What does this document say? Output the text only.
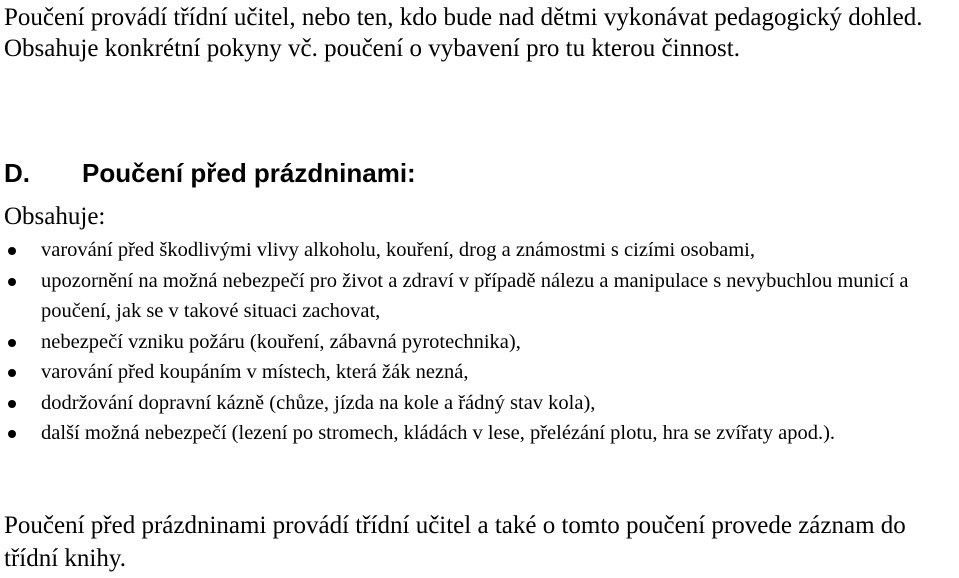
Poučení provádí třídní učitel, nebo ten, kdo bude nad dětmi vykonávat pedagogický dohled. Obsahuje konkrétní pokyny vč. poučení o vybavení pro tu kterou činnost.

D. Poučení před prázdninami:

Obsahuje:

varování před škodlivými vlivy alkoholu, kouření, drog a známostmi s cizími osobami,
upozornění na možná nebezpečí pro život a zdraví v případě nálezu a manipulace s nevybuchlou municí a poučení, jak se v takové situaci zachovat,
nebezpečí vzniku požáru (kouření, zábavná pyrotechnika),
varování před koupáním v místech, která žák nezná,
dodržování dopravní kázně (chůze, jízda na kole a řádný stav kola),
další možná nebezpečí (lezení po stromech, kládách v lese, přelézání plotu, hra se zvířaty apod.).

Poučení před prázdninami provádí třídní učitel a také o tomto poučení provede záznam do třídní knihy.
